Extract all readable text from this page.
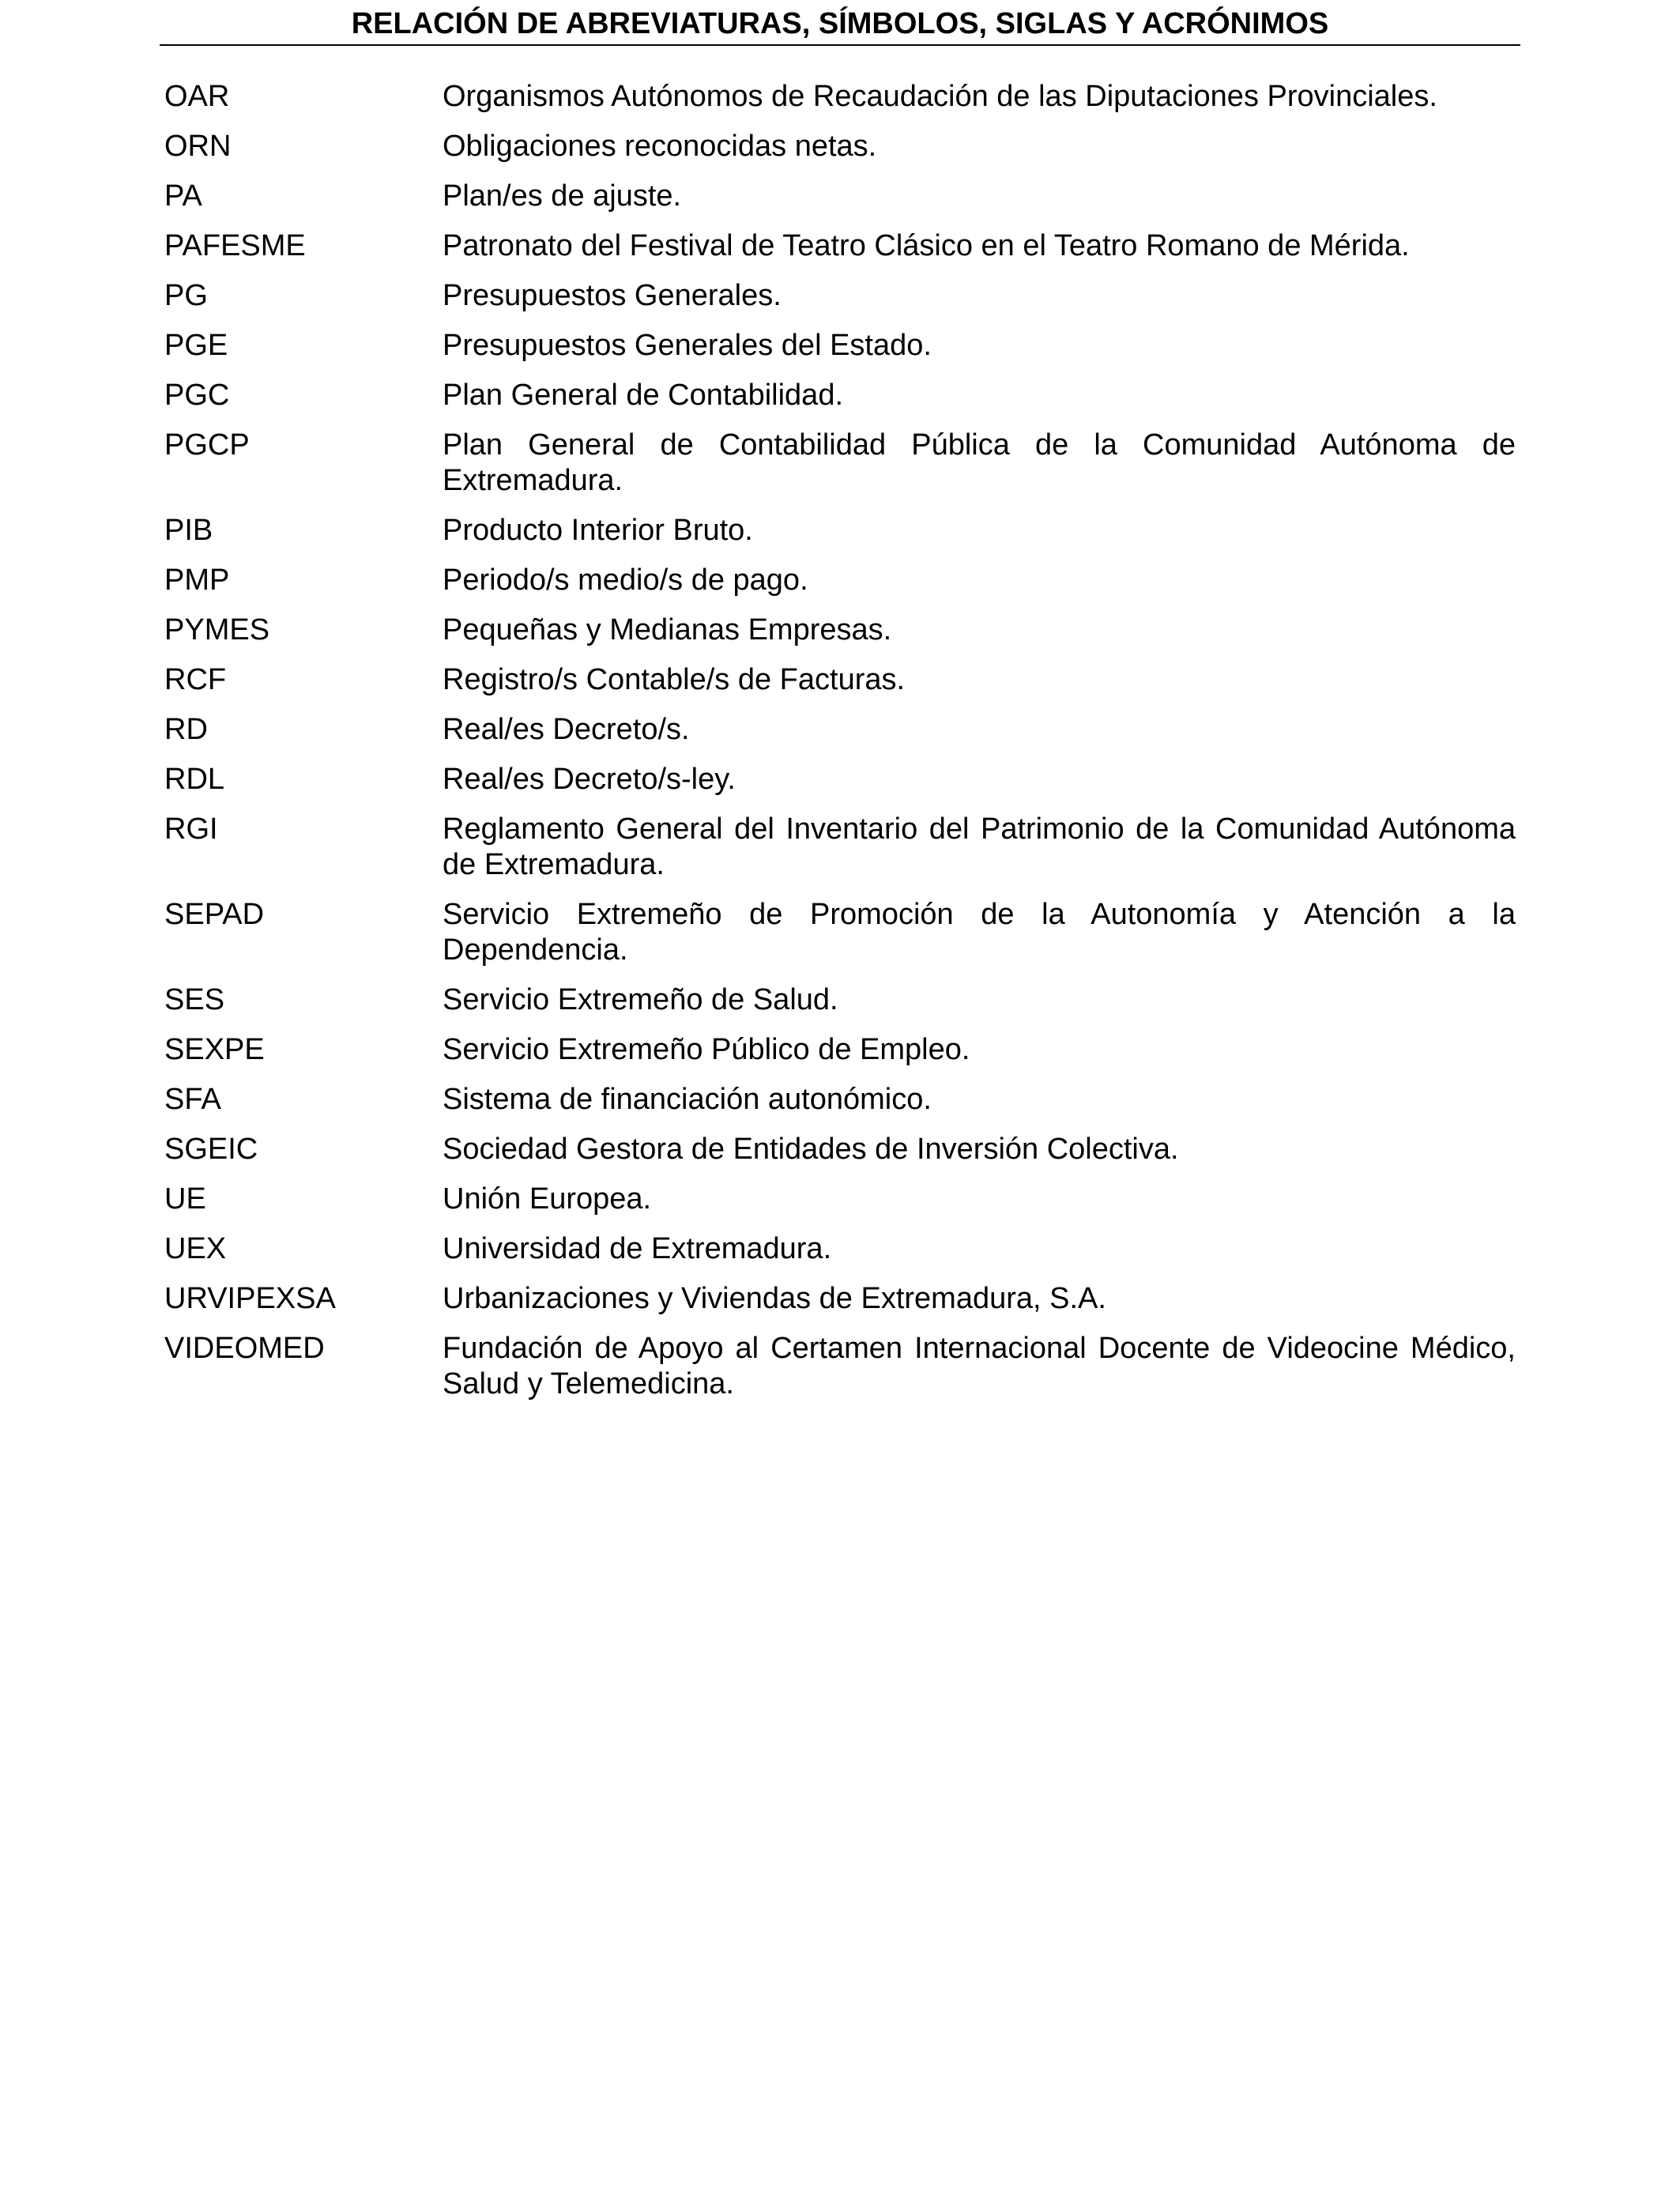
RELACIÓN DE ABREVIATURAS, SÍMBOLOS, SIGLAS Y ACRÓNIMOS
OAR	Organismos Autónomos de Recaudación de las Diputaciones Provinciales.
ORN	Obligaciones reconocidas netas.
PA	Plan/es de ajuste.
PAFESME	Patronato del Festival de Teatro Clásico en el Teatro Romano de Mérida.
PG	Presupuestos Generales.
PGE	Presupuestos Generales del Estado.
PGC	Plan General de Contabilidad.
PGCP	Plan General de Contabilidad Pública de la Comunidad Autónoma de Extremadura.
PIB	Producto Interior Bruto.
PMP	Periodo/s medio/s de pago.
PYMES	Pequeñas y Medianas Empresas.
RCF	Registro/s Contable/s de Facturas.
RD	Real/es Decreto/s.
RDL	Real/es Decreto/s-ley.
RGI	Reglamento General del Inventario del Patrimonio de la Comunidad Autónoma de Extremadura.
SEPAD	Servicio Extremeño de Promoción de la Autonomía y Atención a la Dependencia.
SES	Servicio Extremeño de Salud.
SEXPE	Servicio Extremeño Público de Empleo.
SFA	Sistema de financiación autonómico.
SGEIC	Sociedad Gestora de Entidades de Inversión Colectiva.
UE	Unión Europea.
UEX	Universidad de Extremadura.
URVIPEXSA	Urbanizaciones y Viviendas de Extremadura, S.A.
VIDEOMED	Fundación de Apoyo al Certamen Internacional Docente de Videocine Médico, Salud y Telemedicina.
